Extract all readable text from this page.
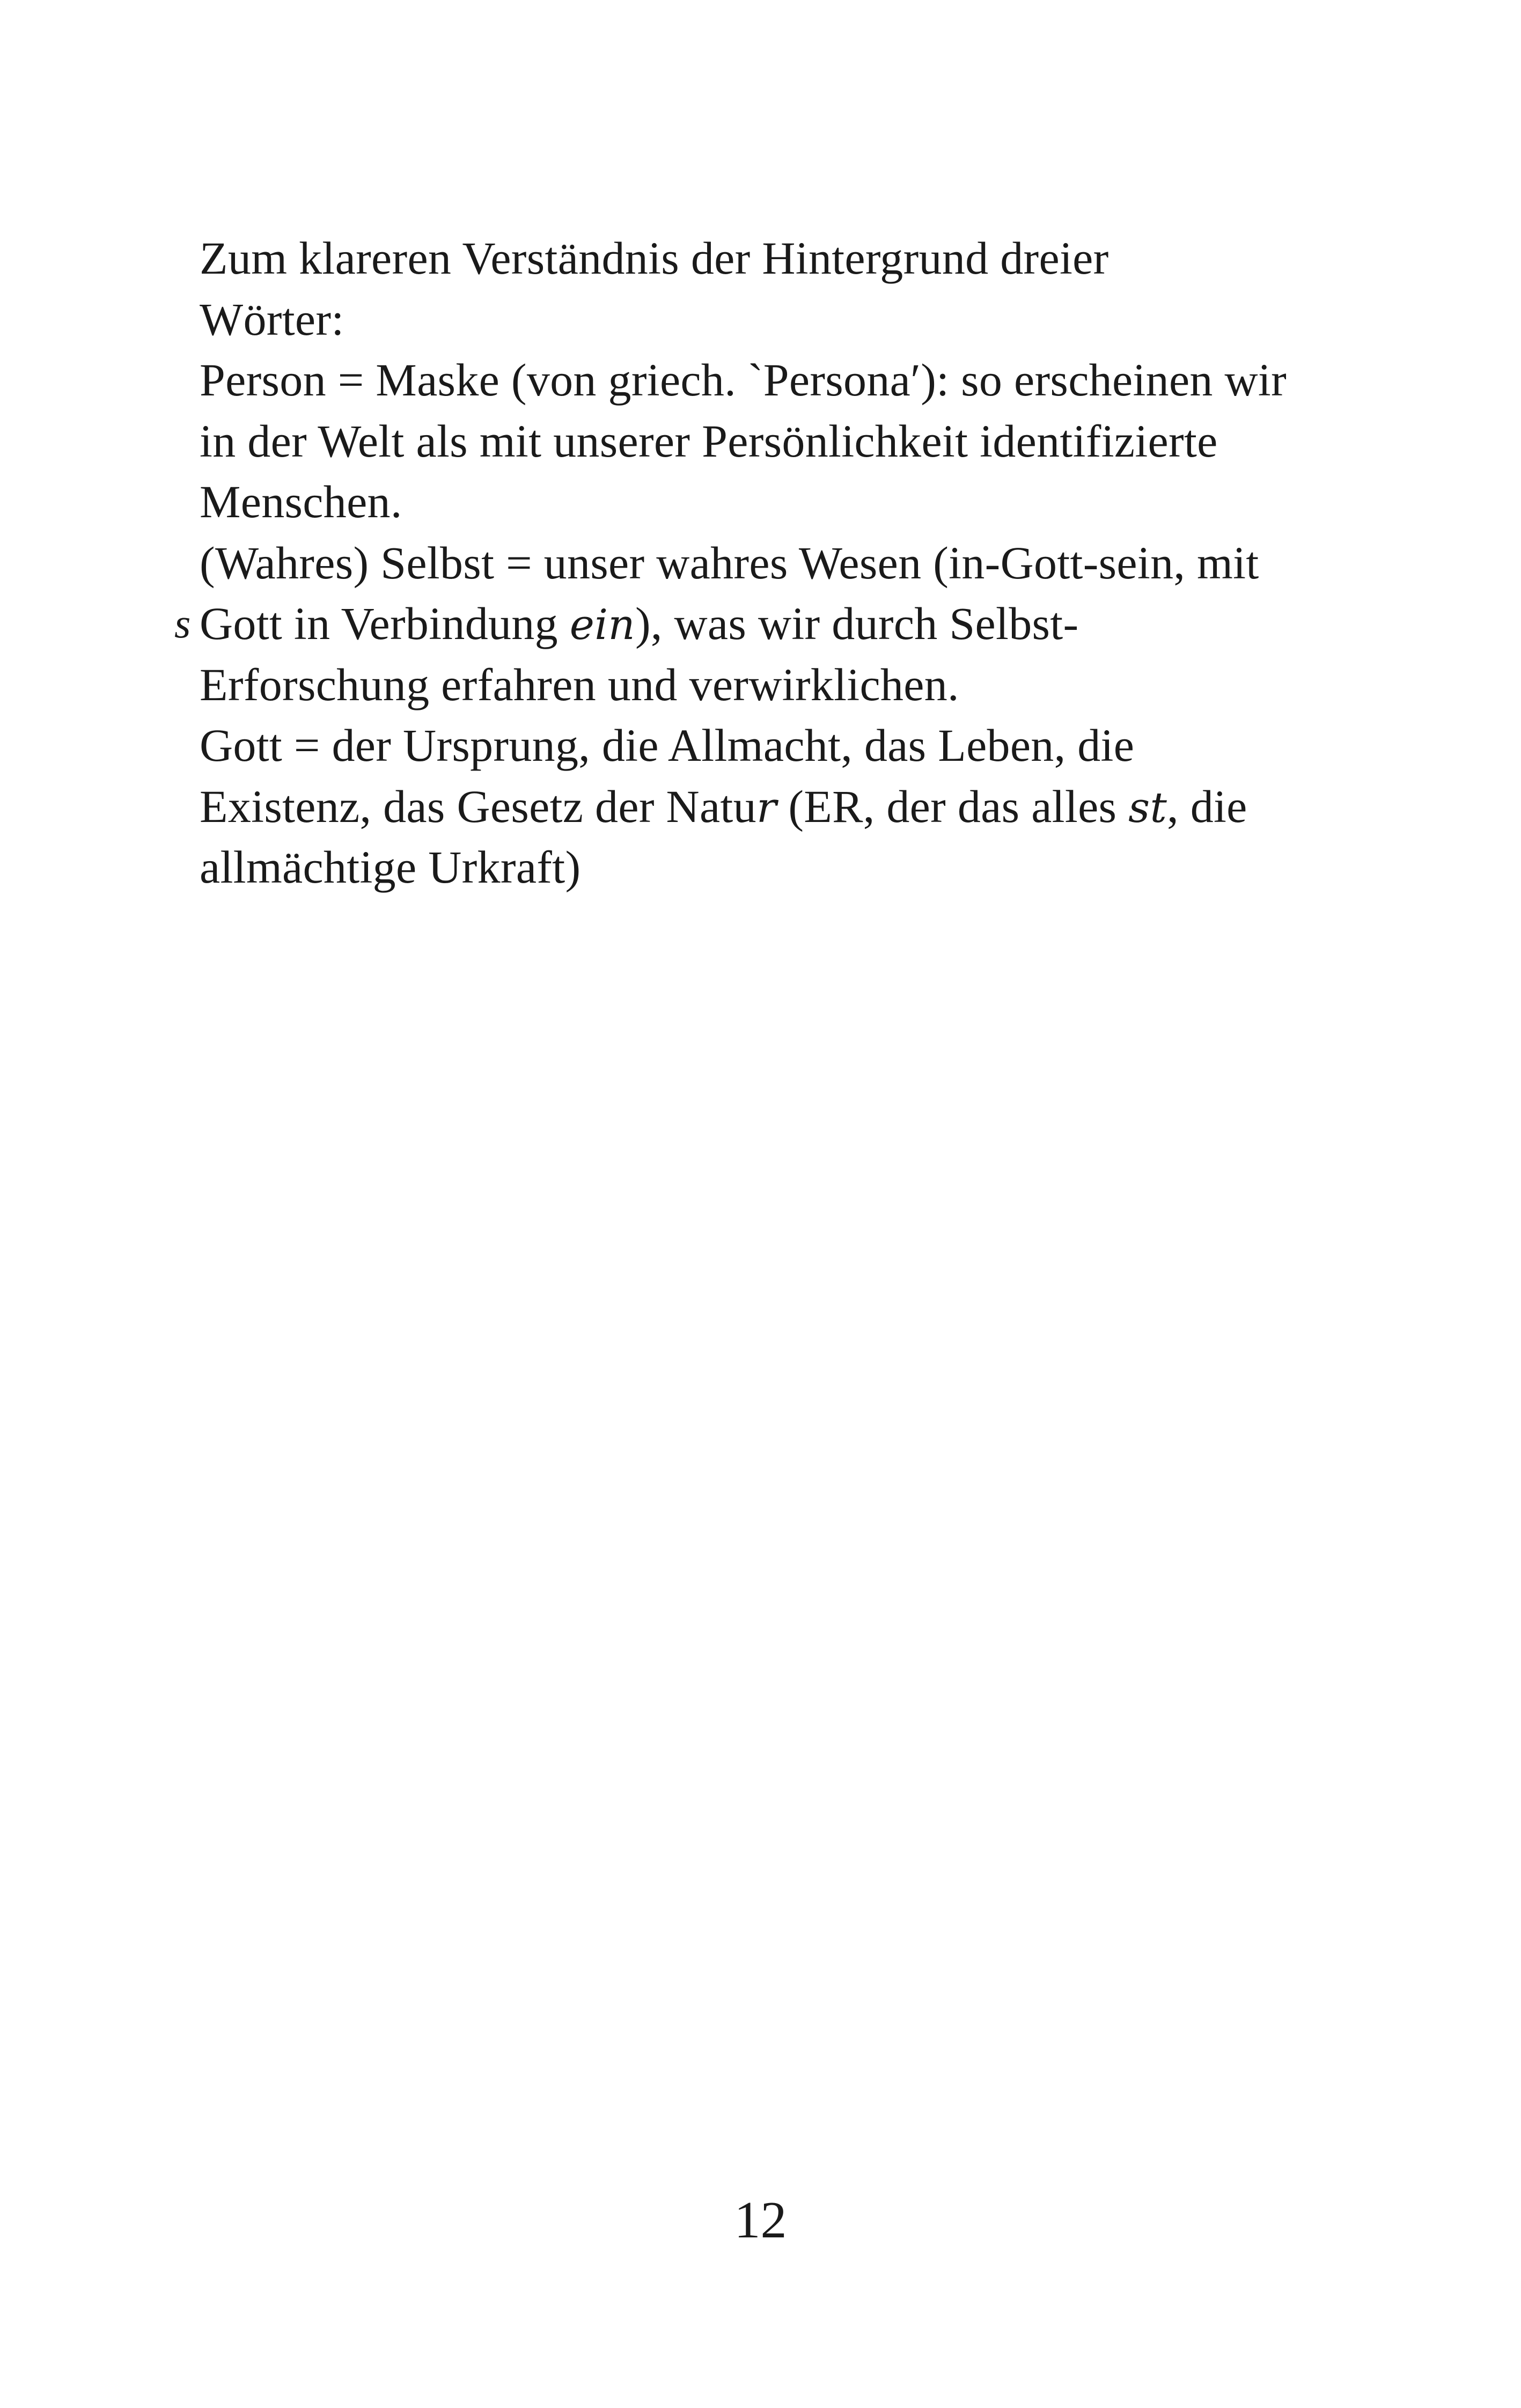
s
Zum klareren Verständnis der Hintergrund dreier
Wörter:
Person = Maske (von griech. `Persona′): so erscheinen wir
in der Welt als mit unserer Persönlichkeit identifizierte
Menschen.
(Wahres) Selbst = unser wahres Wesen (in-Gott-sein, mit
Gott in Verbindung ein), was wir durch Selbst-
Erforschung erfahren und verwirklichen.
Gott = der Ursprung, die Allmacht, das Leben, die
Existenz, das Gesetz der Natur (ER, der das alles st, die
allmächtige Urkraft)
12
